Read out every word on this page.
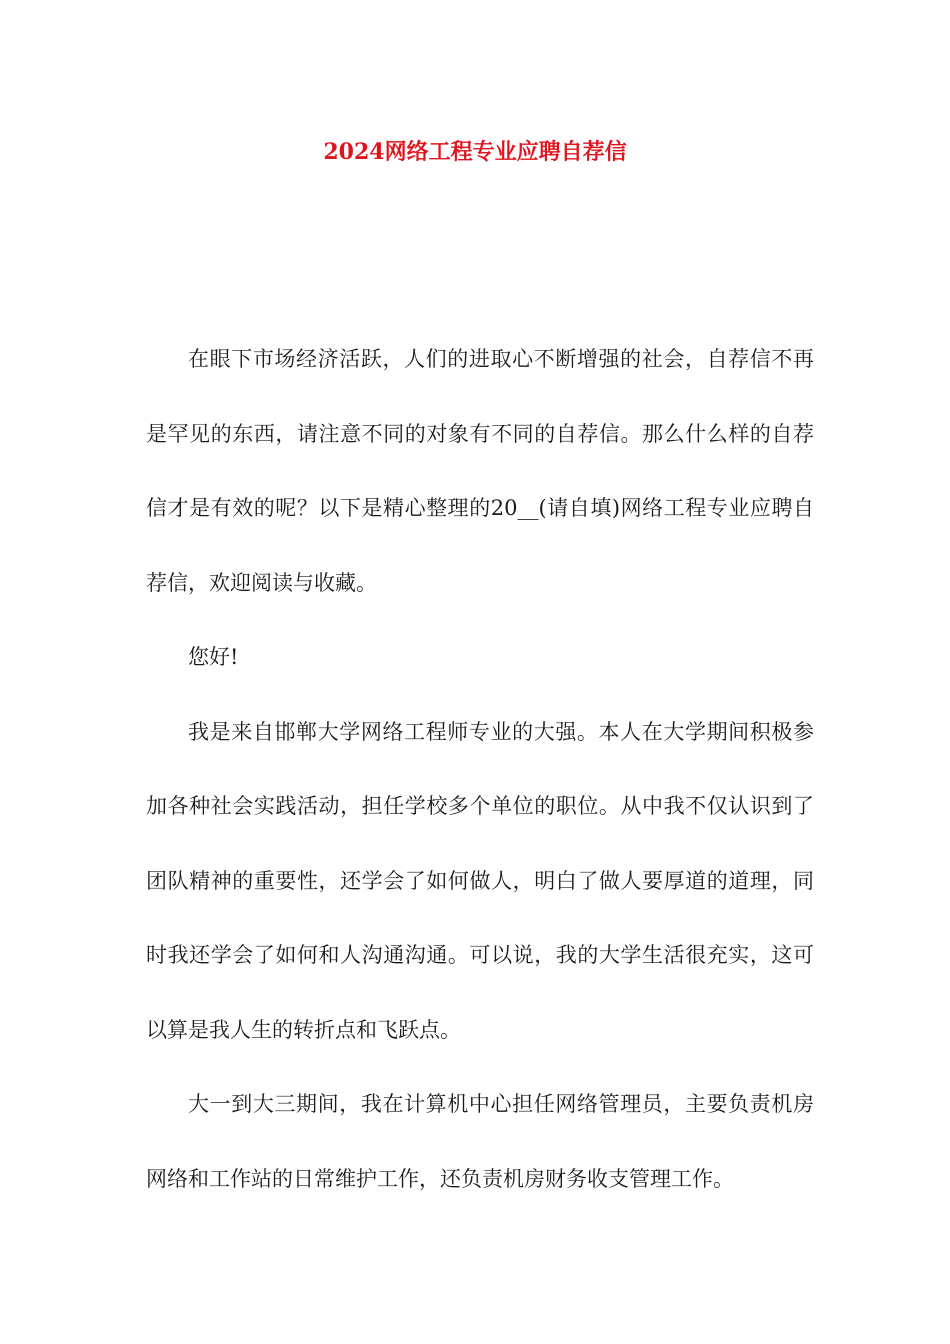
2024网络工程专业应聘自荐信

在眼下市场经济活跃，人们的进取心不断增强的社会，自荐信不再是罕见的东西，请注意不同的对象有不同的自荐信。那么什么样的自荐信才是有效的呢？以下是精心整理的20__(请自填)网络工程专业应聘自荐信，欢迎阅读与收藏。

您好!

我是来自邯郸大学网络工程师专业的大强。本人在大学期间积极参加各种社会实践活动，担任学校多个单位的职位。从中我不仅认识到了团队精神的重要性，还学会了如何做人，明白了做人要厚道的道理，同时我还学会了如何和人沟通沟通。可以说，我的大学生活很充实，这可以算是我人生的转折点和飞跃点。

大一到大三期间，我在计算机中心担任网络管理员，主要负责机房网络和工作站的日常维护工作，还负责机房财务收支管理工作。
